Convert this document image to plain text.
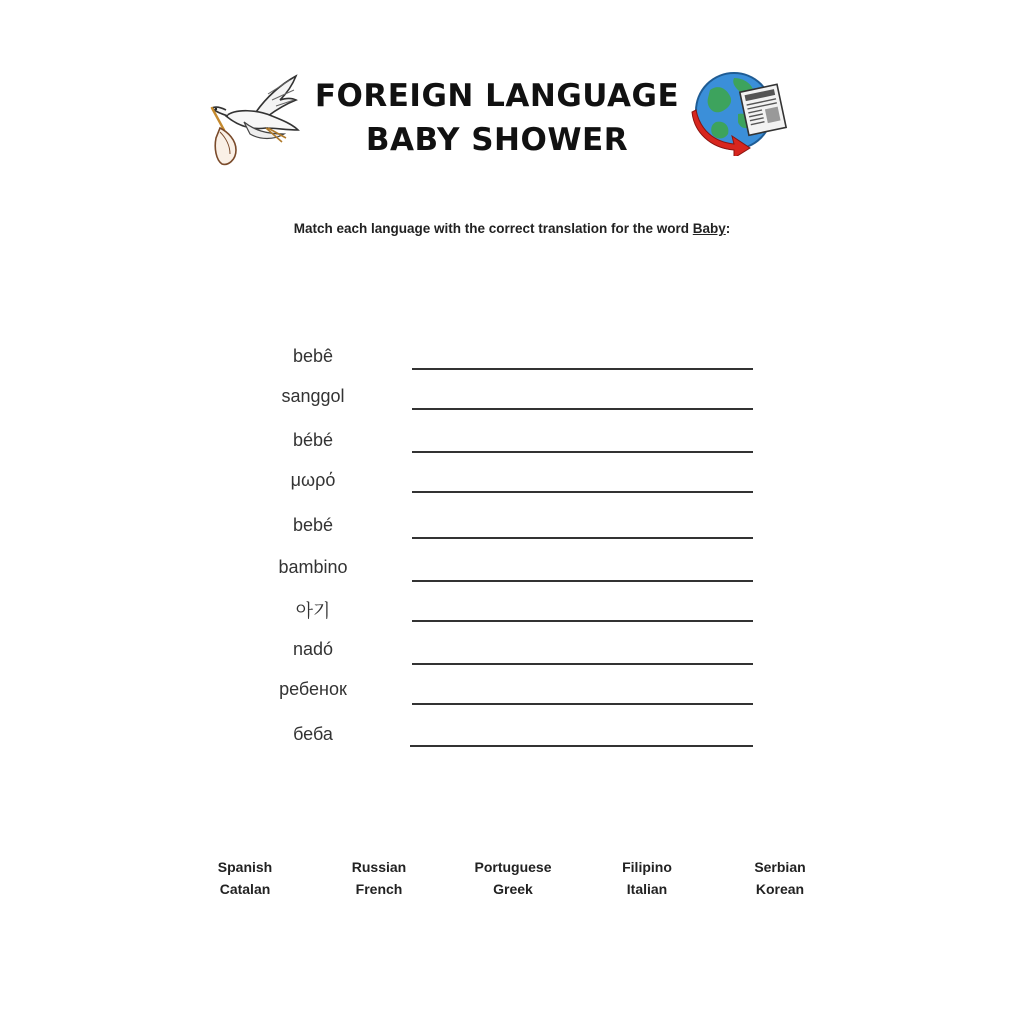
FOREIGN LANGUAGE
BABY SHOWER
Match each language with the correct translation for the word Baby:
bebê
sanggol
bébé
μωρό
bebé
bambino
아기
nadó
ребенок
беба
Spanish
Catalan
Russian
French
Portuguese
Greek
Filipino
Italian
Serbian
Korean
